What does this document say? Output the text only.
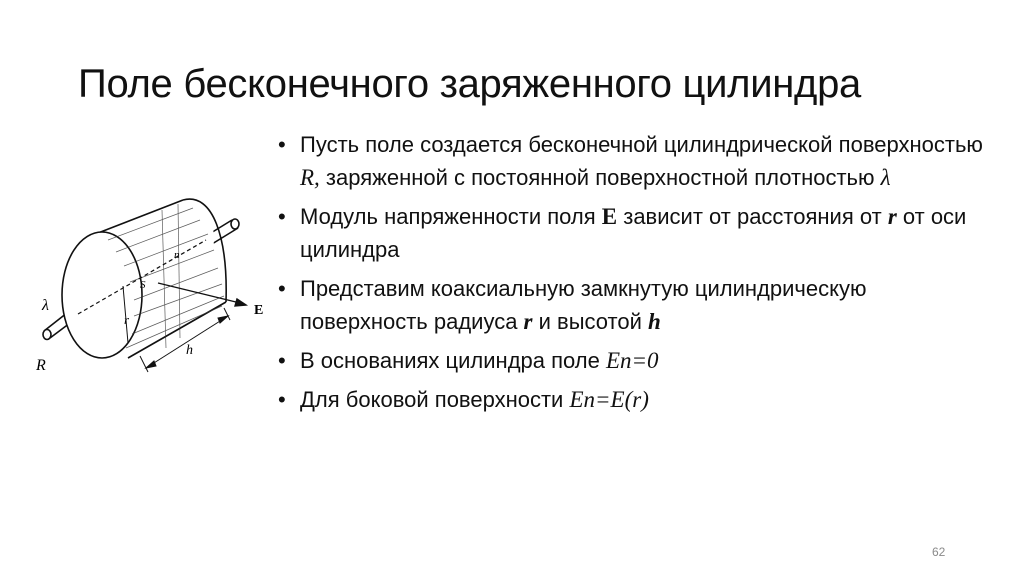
Поле бесконечного заряженного цилиндра
λ
R
r
h
E
S
n
• Пусть поле создается бесконечной цилиндрической поверхностью R, заряженной с постоянной поверхностной плотностью λ
• Модуль напряженности поля E зависит от расстояния от r от оси цилиндра
• Представим коаксиальную замкнутую цилиндрическую поверхность радиуса r и высотой h
• В основаниях цилиндра поле En=0
• Для боковой поверхности En=E(r)
62
